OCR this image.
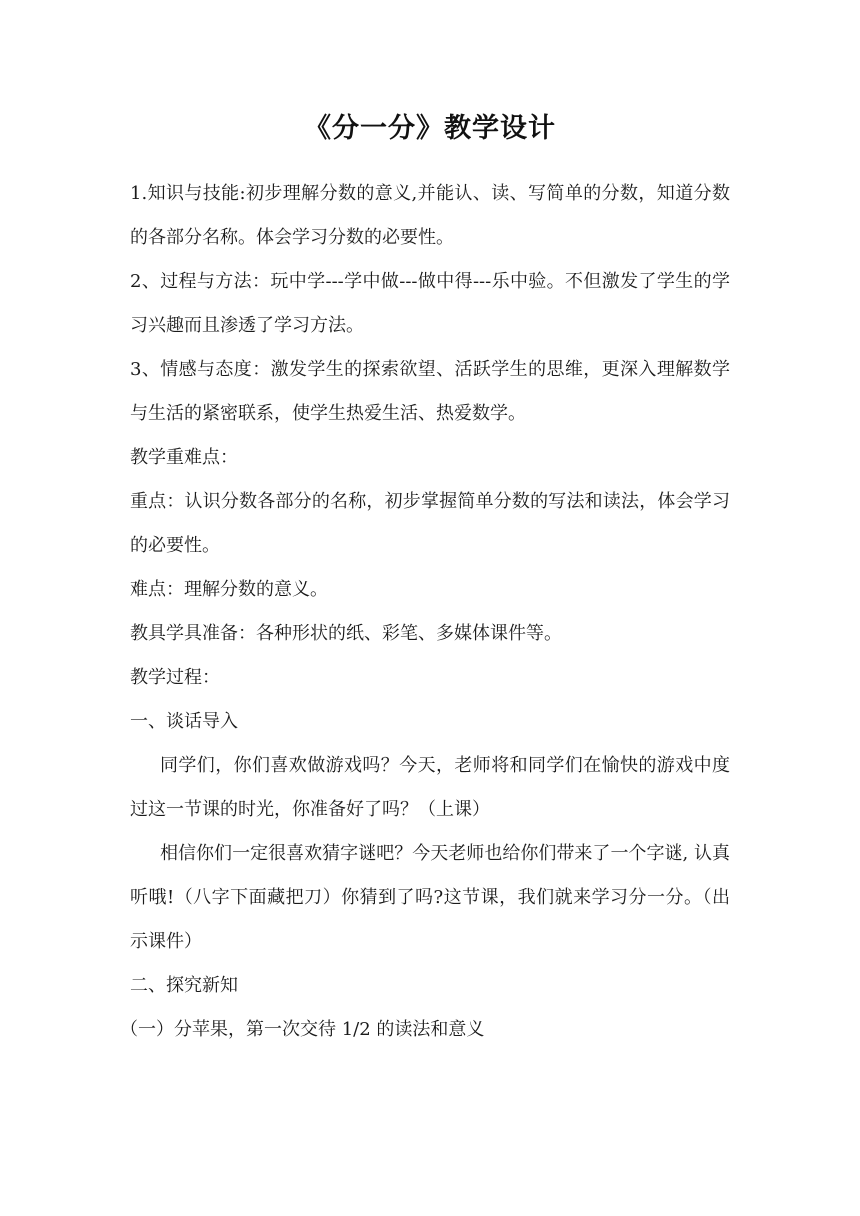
《分一分》教学设计

1.知识与技能:初步理解分数的意义,并能认、读、写简单的分数，知道分数的各部分名称。体会学习分数的必要性。

2、过程与方法：玩中学---学中做---做中得---乐中验。不但激发了学生的学习兴趣而且渗透了学习方法。

3、情感与态度：激发学生的探索欲望、活跃学生的思维，更深入理解数学与生活的紧密联系，使学生热爱生活、热爱数学。

教学重难点：

重点：认识分数各部分的名称，初步掌握简单分数的写法和读法，体会学习的必要性。

难点：理解分数的意义。

教具学具准备：各种形状的纸、彩笔、多媒体课件等。

教学过程：

一、谈话导入

同学们，你们喜欢做游戏吗？今天，老师将和同学们在愉快的游戏中度过这一节课的时光，你准备好了吗？（上课）

相信你们一定很喜欢猜字谜吧？今天老师也给你们带来了一个字谜, 认真听哦!（八字下面藏把刀）你猜到了吗?这节课，我们就来学习分一分。（出示课件）

二、探究新知

（一）分苹果，第一次交待 1/2 的读法和意义
